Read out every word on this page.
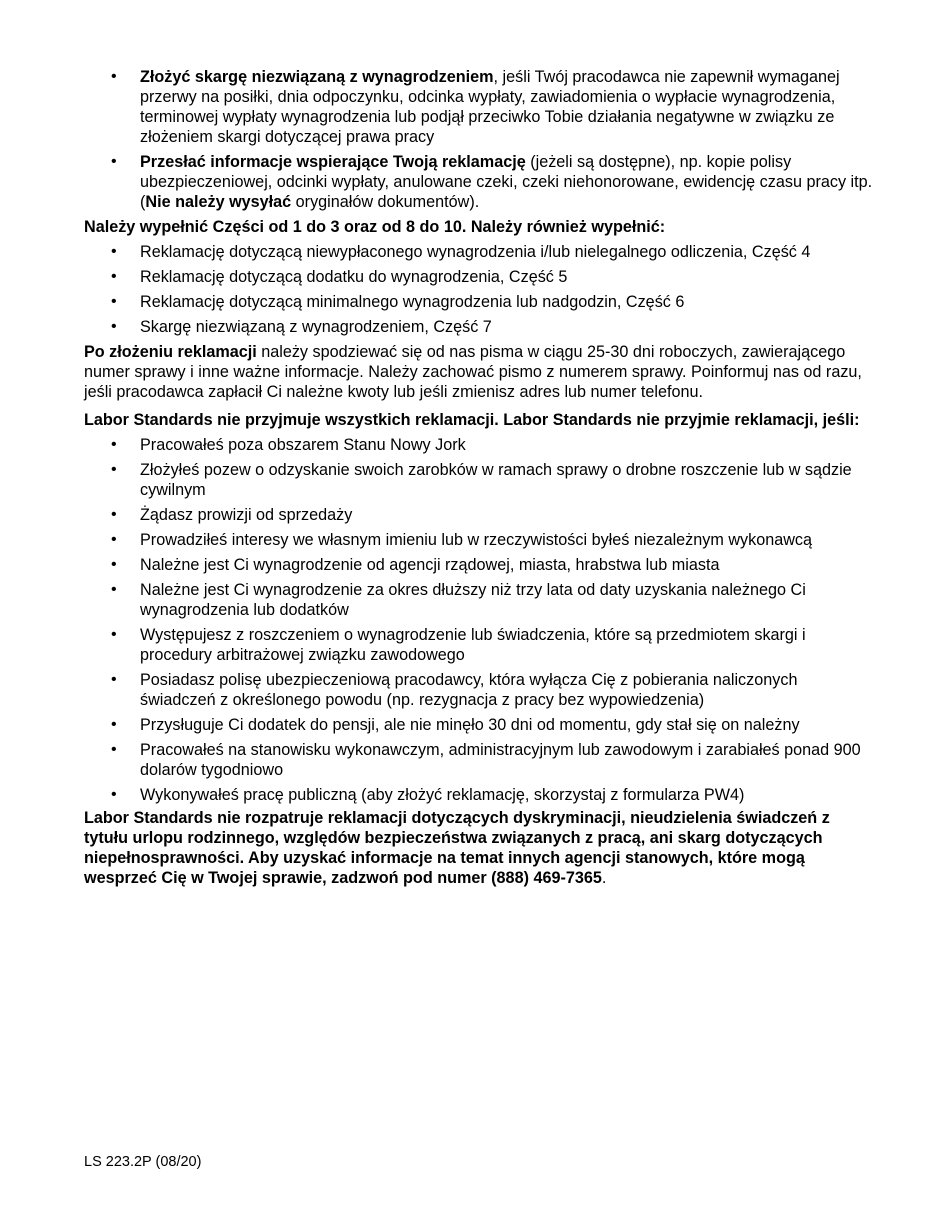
• Złożyć skargę niezwiązaną z wynagrodzeniem, jeśli Twój pracodawca nie zapewnił wymaganej przerwy na posiłki, dnia odpoczynku, odcinka wypłaty, zawiadomienia o wypłacie wynagrodzenia, terminowej wypłaty wynagrodzenia lub podjął przeciwko Tobie działania negatywne w związku ze złożeniem skargi dotyczącej prawa pracy
• Przesłać informacje wspierające Twoją reklamację (jeżeli są dostępne), np. kopie polisy ubezpieczeniowej, odcinki wypłaty, anulowane czeki, czeki niehonorowane, ewidencję czasu pracy itp. (Nie należy wysyłać oryginałów dokumentów).

Należy wypełnić Części od 1 do 3 oraz od 8 do 10. Należy również wypełnić:

• Reklamację dotyczącą niewypłaconego wynagrodzenia i/lub nielegalnego odliczenia, Część 4
• Reklamację dotyczącą dodatku do wynagrodzenia, Część 5
• Reklamację dotyczącą minimalnego wynagrodzenia lub nadgodzin, Część 6
• Skargę niezwiązaną z wynagrodzeniem, Część 7

Po złożeniu reklamacji należy spodziewać się od nas pisma w ciągu 25-30 dni roboczych, zawierającego numer sprawy i inne ważne informacje. Należy zachować pismo z numerem sprawy. Poinformuj nas od razu, jeśli pracodawca zapłacił Ci należne kwoty lub jeśli zmienisz adres lub numer telefonu.

Labor Standards nie przyjmuje wszystkich reklamacji. Labor Standards nie przyjmie reklamacji, jeśli:

• Pracowałeś poza obszarem Stanu Nowy Jork
• Złożyłeś pozew o odzyskanie swoich zarobków w ramach sprawy o drobne roszczenie lub w sądzie cywilnym
• Żądasz prowizji od sprzedaży
• Prowadziłeś interesy we własnym imieniu lub w rzeczywistości byłeś niezależnym wykonawcą
• Należne jest Ci wynagrodzenie od agencji rządowej, miasta, hrabstwa lub miasta
• Należne jest Ci wynagrodzenie za okres dłuższy niż trzy lata od daty uzyskania należnego Ci wynagrodzenia lub dodatków
• Występujesz z roszczeniem o wynagrodzenie lub świadczenia, które są przedmiotem skargi i procedury arbitrażowej związku zawodowego
• Posiadasz polisę ubezpieczeniową pracodawcy, która wyłącza Cię z pobierania naliczonych świadczeń z określonego powodu (np. rezygnacja z pracy bez wypowiedzenia)
• Przysługuje Ci dodatek do pensji, ale nie minęło 30 dni od momentu, gdy stał się on należny
• Pracowałeś na stanowisku wykonawczym, administracyjnym lub zawodowym i zarabiałeś ponad 900 dolarów tygodniowo
• Wykonywałeś pracę publiczną (aby złożyć reklamację, skorzystaj z formularza PW4)

Labor Standards nie rozpatruje reklamacji dotyczących dyskryminacji, nieudzielenia świadczeń z tytułu urlopu rodzinnego, względów bezpieczeństwa związanych z pracą, ani skarg dotyczących niepełnosprawności. Aby uzyskać informacje na temat innych agencji stanowych, które mogą wesprzeć Cię w Twojej sprawie, zadzwoń pod numer (888) 469-7365.

LS 223.2P (08/20)
